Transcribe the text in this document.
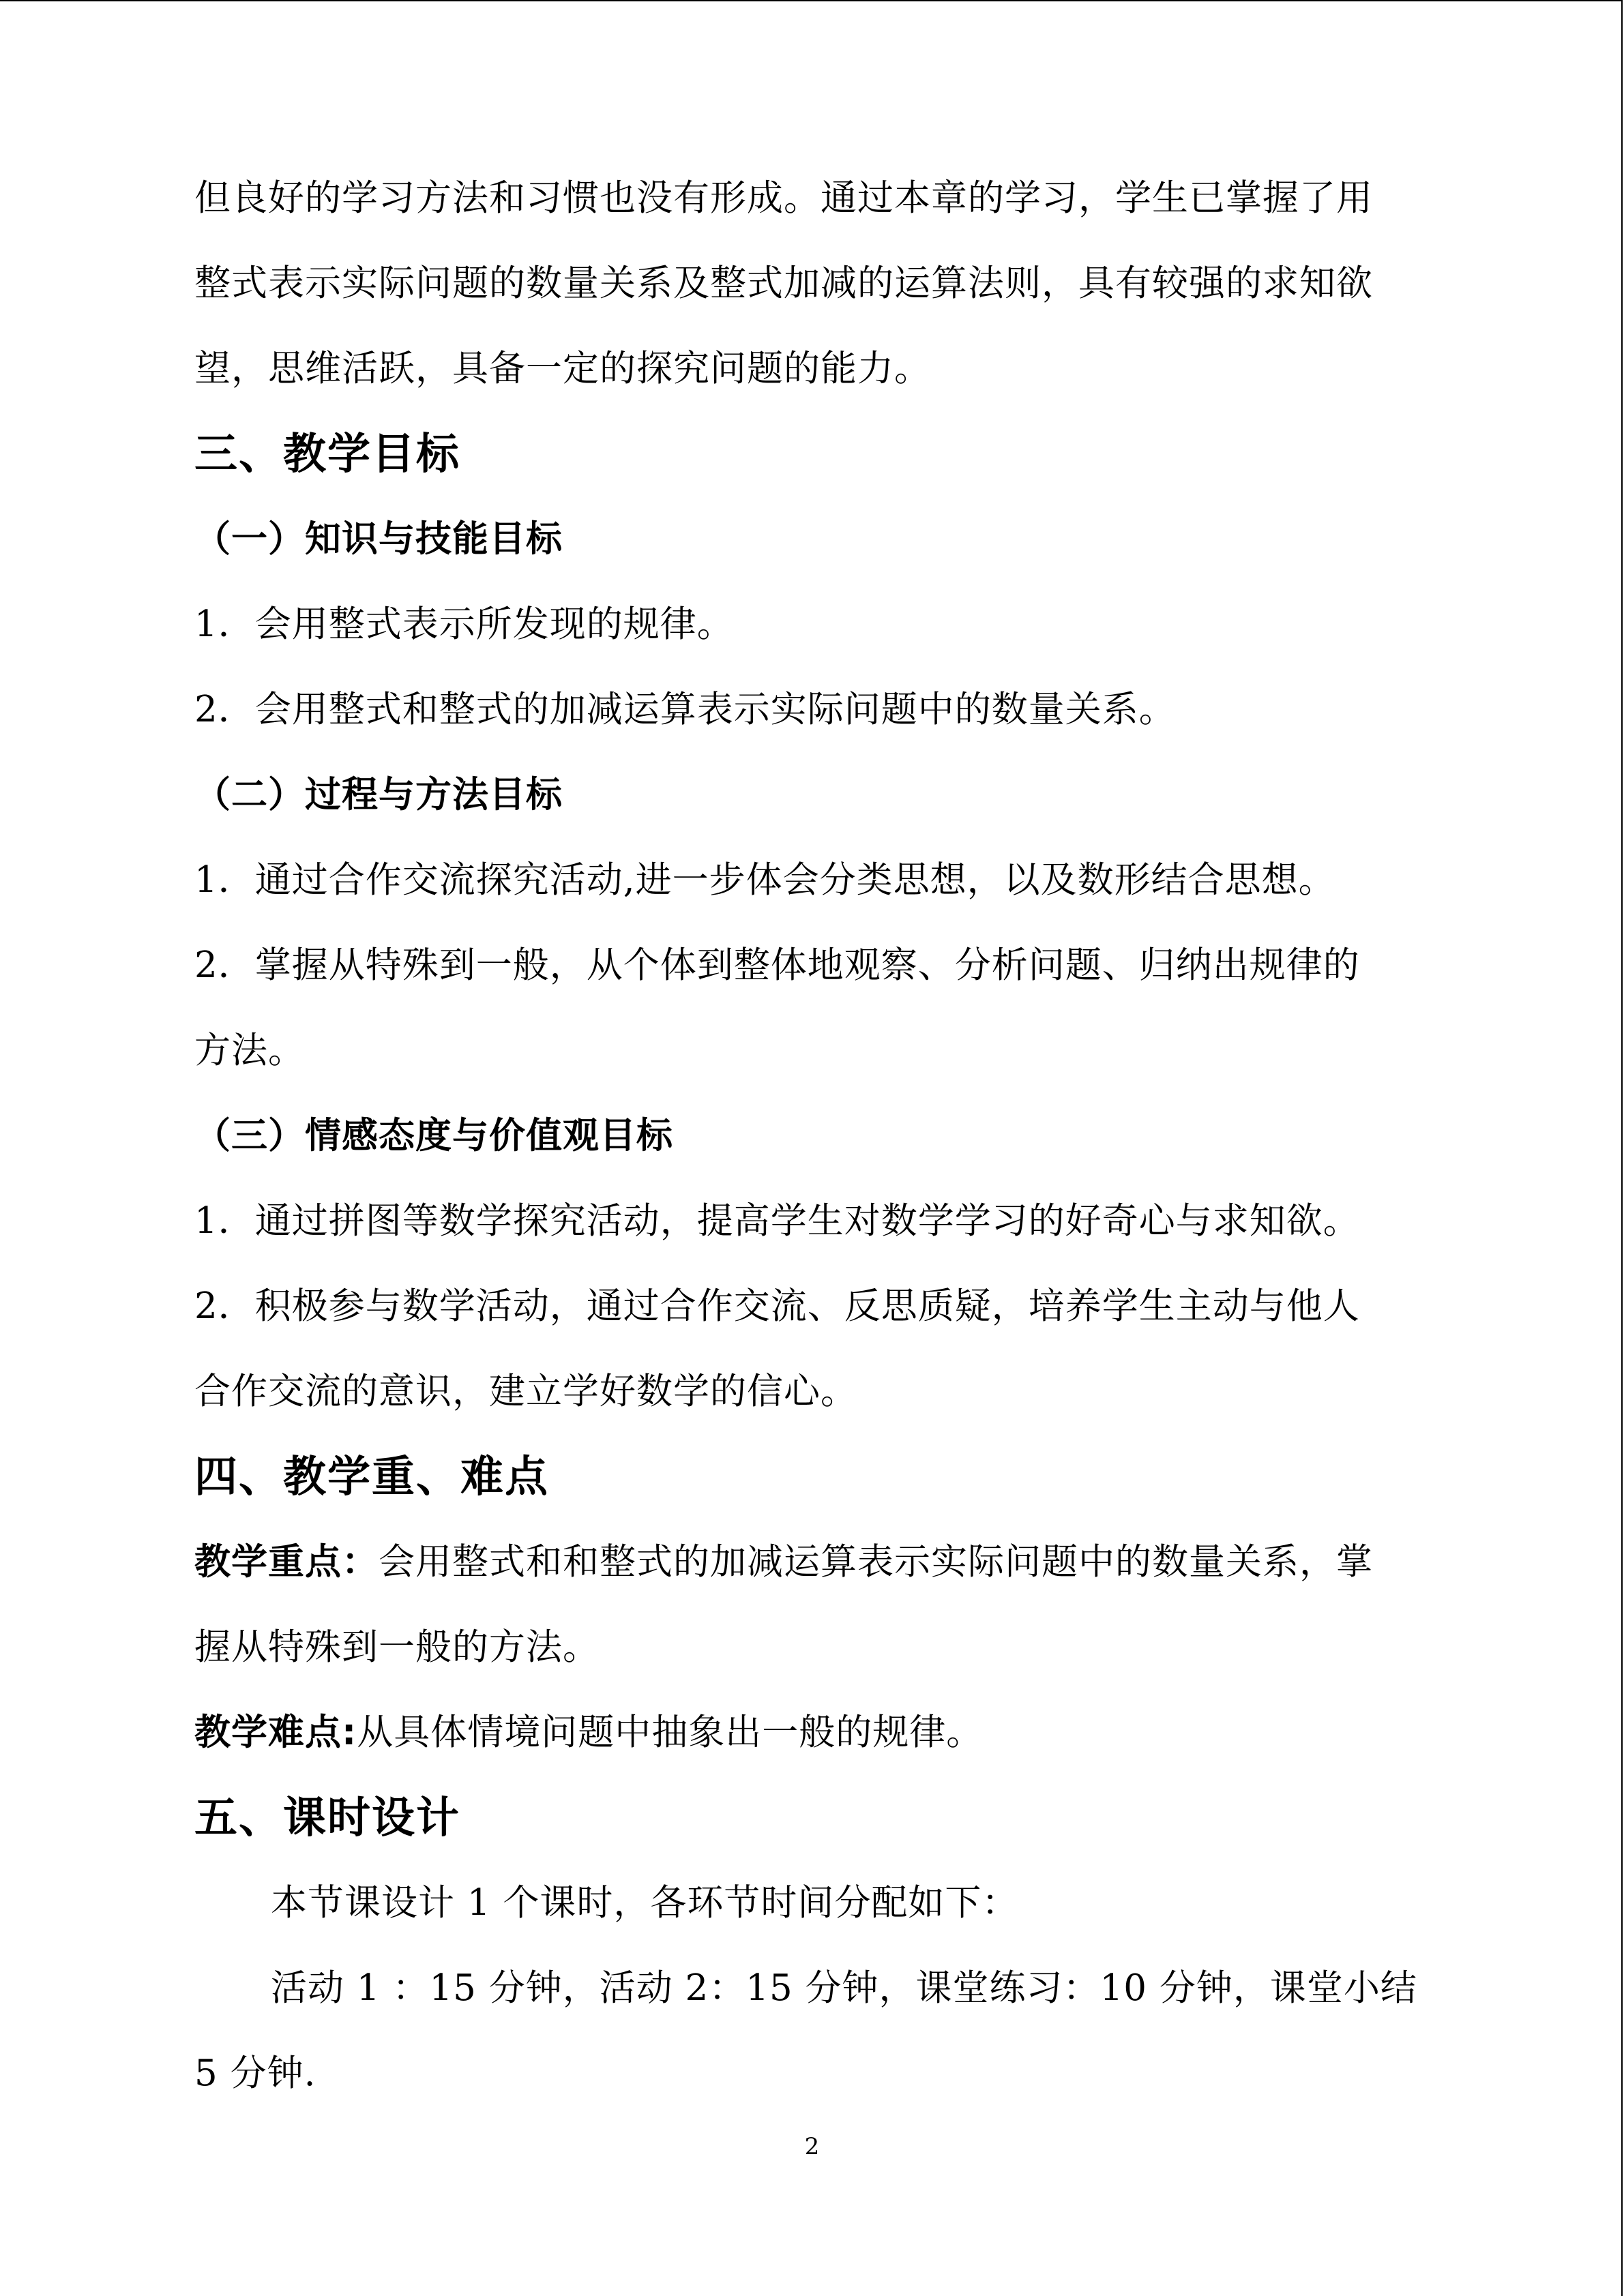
但良好的学习方法和习惯也没有形成。通过本章的学习，学生已掌握了用

整式表示实际问题的数量关系及整式加减的运算法则，具有较强的求知欲

望，思维活跃，具备一定的探究问题的能力。

三、教学目标
（一）知识与技能目标

1．会用整式表示所发现的规律。

2．会用整式和整式的加减运算表示实际问题中的数量关系。

（二）过程与方法目标

1．通过合作交流探究活动,进一步体会分类思想，以及数形结合思想。

2．掌握从特殊到一般，从个体到整体地观察、分析问题、归纳出规律的

方法。

（三）情感态度与价值观目标

1．通过拼图等数学探究活动，提高学生对数学学习的好奇心与求知欲。

2．积极参与数学活动，通过合作交流、反思质疑，培养学生主动与他人

合作交流的意识，建立学好数学的信心。

四、教学重、难点

教学重点：会用整式和和整式的加减运算表示实际问题中的数量关系，掌

握从特殊到一般的方法。

教学难点:从具体情境问题中抽象出一般的规律。

五、课时设计

本节课设计 1 个课时，各环节时间分配如下：

活动 1 ：15 分钟，活动 2：15 分钟，课堂练习：10 分钟，课堂小结

5 分钟.

2
